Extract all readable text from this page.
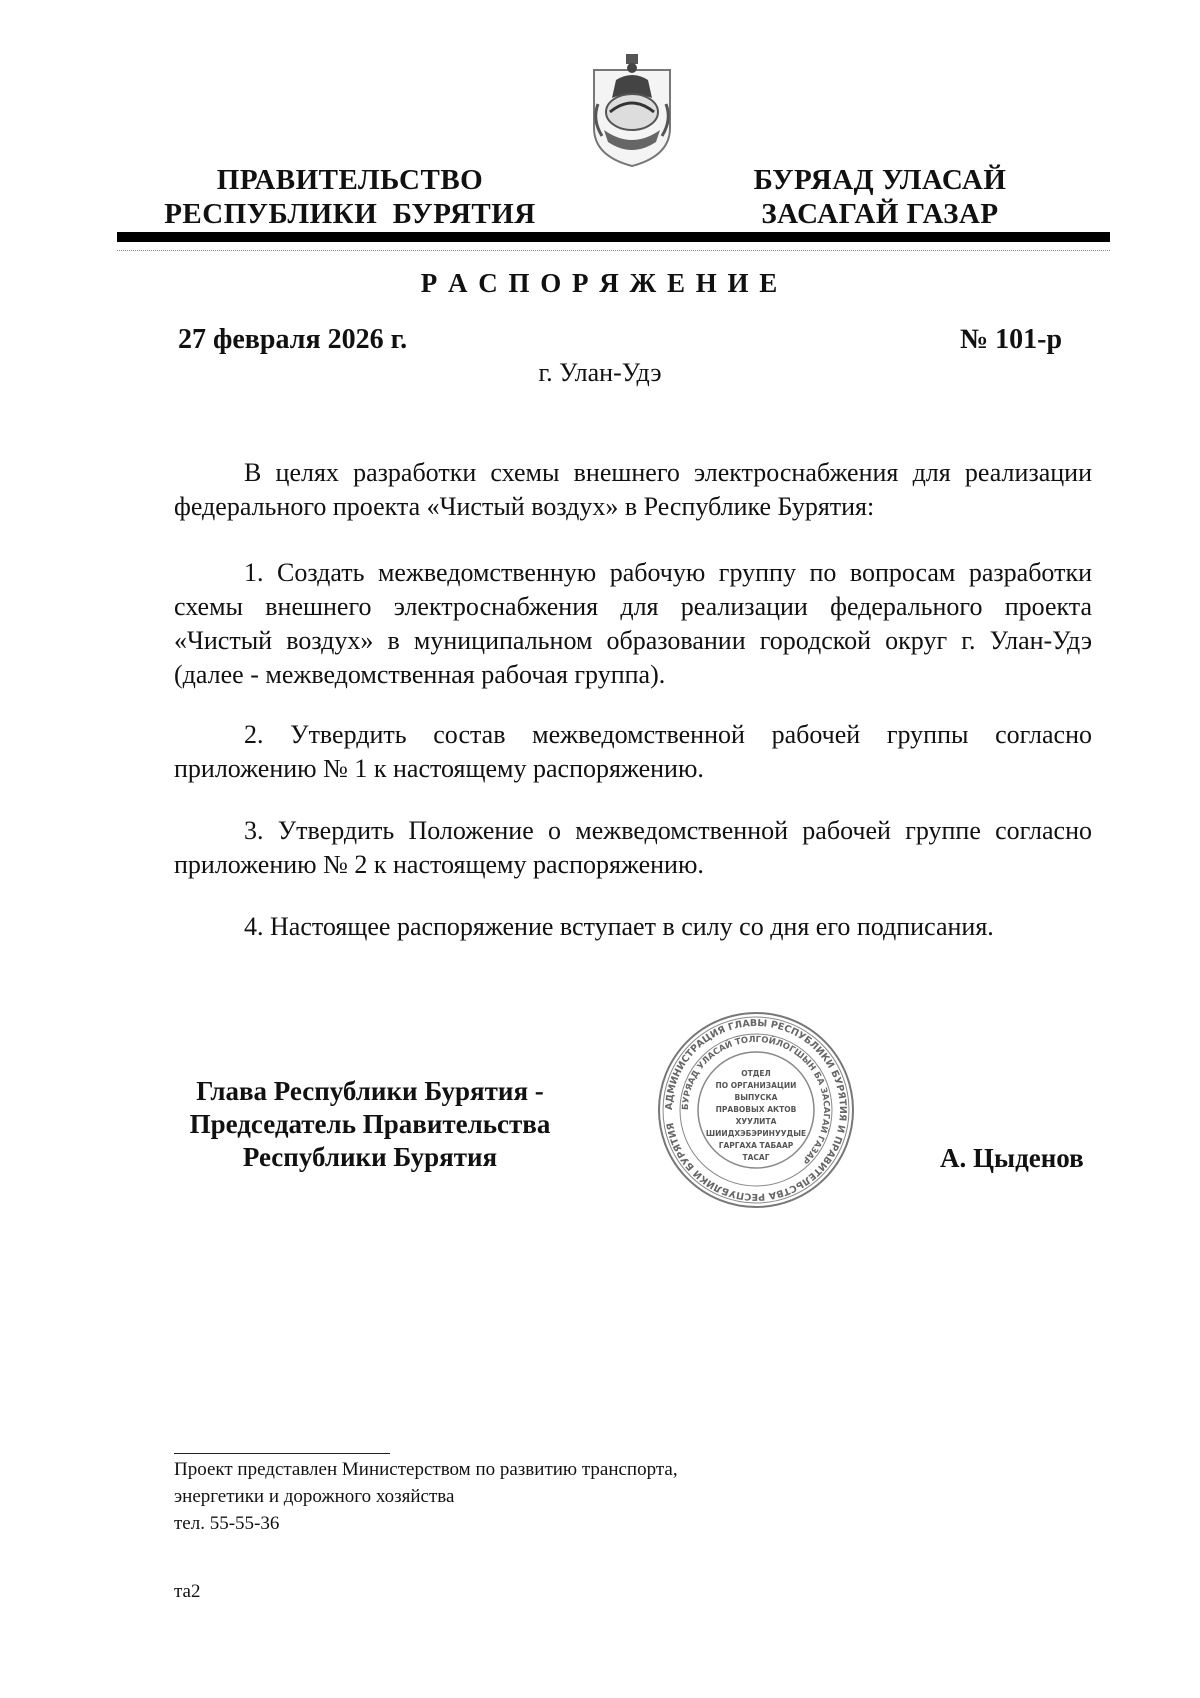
ПРАВИТЕЛЬСТВО
РЕСПУБЛИКИ  БУРЯТИЯ
БУРЯАД УЛАСАЙ
ЗАСАГАЙ ГАЗАР
Р А С П О Р Я Ж Е Н И Е
27 февраля 2026 г.	№ 101-р
г. Улан-Удэ

В целях разработки схемы внешнего электроснабжения для реализации федерального проекта «Чистый воздух» в Республике Бурятия:

1. Создать межведомственную рабочую группу по вопросам разработки схемы внешнего электроснабжения для реализации федерального проекта «Чистый воздух» в муниципальном образовании городской округ г. Улан-Удэ (далее - межведомственная рабочая группа).

2. Утвердить состав межведомственной рабочей группы согласно приложению № 1 к настоящему распоряжению.

3. Утвердить Положение о межведомственной рабочей группе согласно приложению № 2 к настоящему распоряжению.

4. Настоящее распоряжение вступает в силу со дня его подписания.

Глава Республики Бурятия -
Председатель Правительства
Республики Бурятия	А. Цыденов
АДМИНИСТРАЦИЯ ГЛАВЫ РЕСПУБЛИКИ БУРЯТИЯ И ПРАВИТЕЛЬСТВА РЕСПУБЛИКИ БУРЯТИЯ
БУРЯАД УЛАСАЙ ТОЛГОЙЛОГШЫН БА ЗАСАГАЙ ГАЗАР
ОТДЕЛ
ПО ОРГАНИЗАЦИИ
ВЫПУСКА
ПРАВОВЫХ АКТОВ
ХУУЛИТА
ШИИДХЭБЭРИНУУДЫЕ
ГАРГАХА ТАБААР
ТАСАГ
Проект представлен Министерством по развитию транспорта,
энергетики и дорожного хозяйства
тел. 55-55-36
та2
